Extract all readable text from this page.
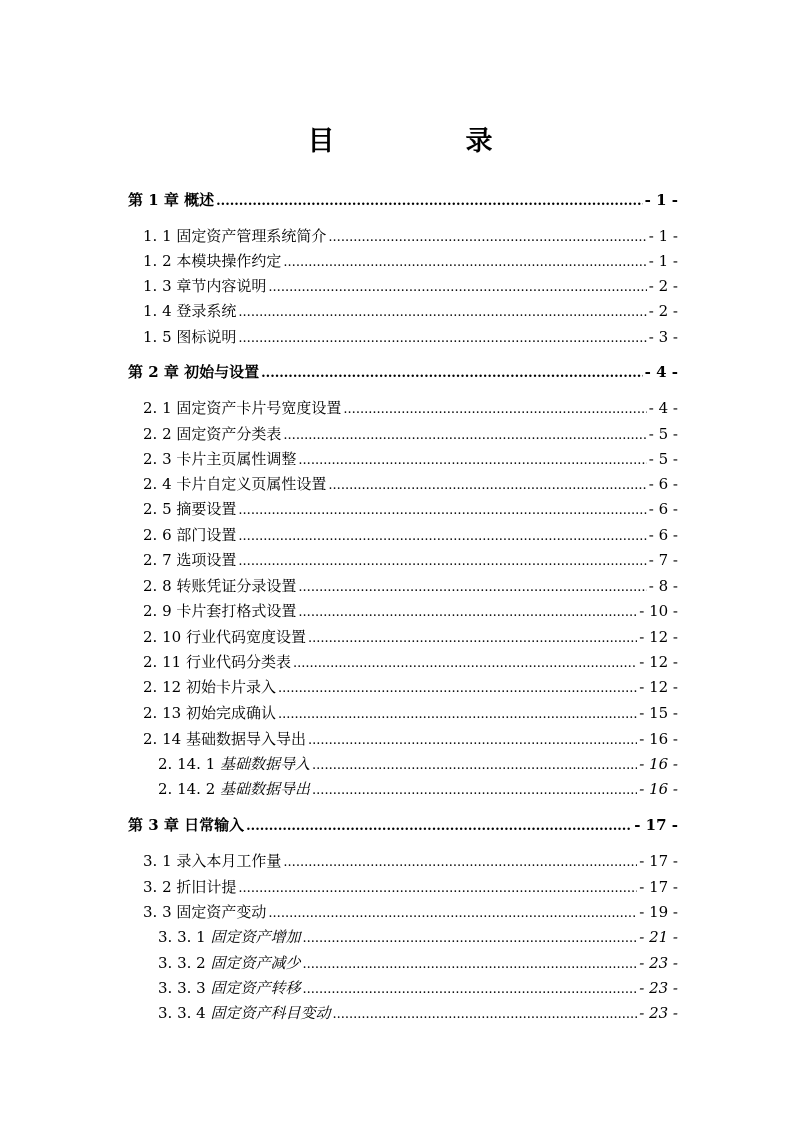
目　录
第 1 章 概述 .....	- 1 -
1. 1 固定资产管理系统简介 .....	- 1 -
1. 2 本模块操作约定 .....	- 1 -
1. 3 章节内容说明 .....	- 2 -
1. 4 登录系统 .....	- 2 -
1. 5 图标说明 .....	- 3 -
第 2 章 初始与设置 .....	- 4 -
2. 1 固定资产卡片号宽度设置 .....	- 4 -
2. 2 固定资产分类表 .....	- 5 -
2. 3 卡片主页属性调整 .....	- 5 -
2. 4 卡片自定义页属性设置 .....	- 6 -
2. 5 摘要设置 .....	- 6 -
2. 6 部门设置 .....	- 6 -
2. 7 选项设置 .....	- 7 -
2. 8 转账凭证分录设置 .....	- 8 -
2. 9 卡片套打格式设置 .....	- 10 -
2. 10 行业代码宽度设置 .....	- 12 -
2. 11 行业代码分类表 .....	- 12 -
2. 12 初始卡片录入 .....	- 12 -
2. 13 初始完成确认 .....	- 15 -
2. 14 基础数据导入导出 .....	- 16 -
2. 14. 1 基础数据导入 .....	- 16 -
2. 14. 2 基础数据导出 .....	- 16 -
第 3 章 日常输入 .....	- 17 -
3. 1 录入本月工作量 .....	- 17 -
3. 2 折旧计提 .....	- 17 -
3. 3 固定资产变动 .....	- 19 -
3. 3. 1 固定资产增加 .....	- 21 -
3. 3. 2 固定资产减少 .....	- 23 -
3. 3. 3 固定资产转移 .....	- 23 -
3. 3. 4 固定资产科目变动 .....	- 23 -
